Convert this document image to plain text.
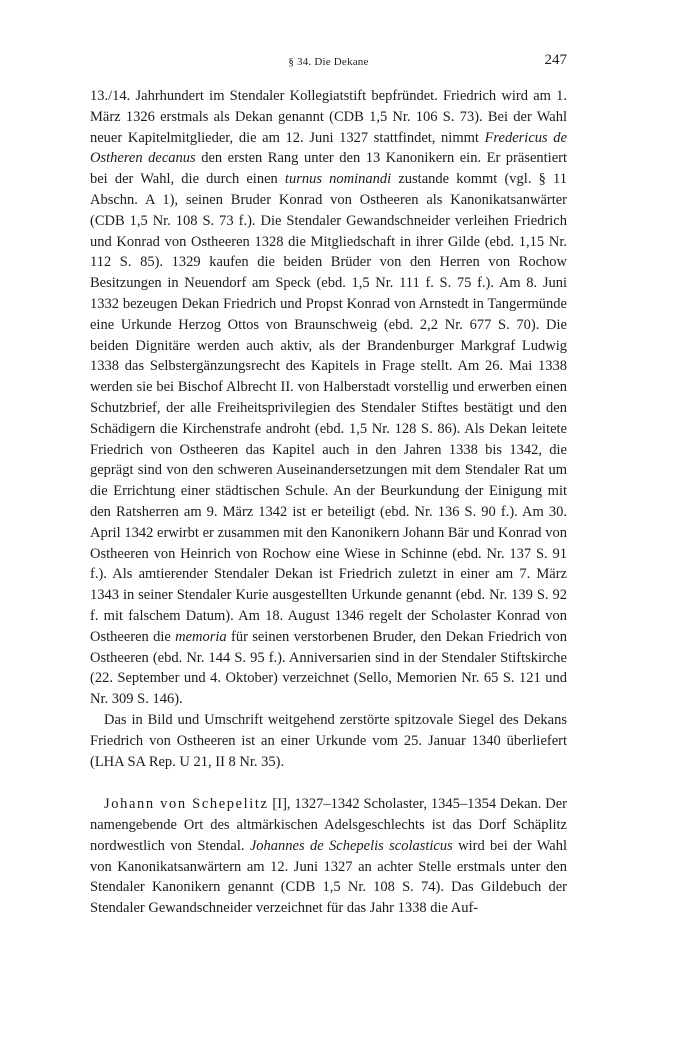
§ 34. Die Dekane	247

13./14. Jahrhundert im Stendaler Kollegiatstift bepfründet. Friedrich wird am 1. März 1326 erstmals als Dekan genannt (CDB 1,5 Nr. 106 S. 73). Bei der Wahl neuer Kapitelmitglieder, die am 12. Juni 1327 stattfindet, nimmt Fredericus de Ostheren decanus den ersten Rang unter den 13 Kanonikern ein. Er präsentiert bei der Wahl, die durch einen turnus nominandi zustande kommt (vgl. § 11 Abschn. A 1), seinen Bruder Konrad von Ostheeren als Kanonikatsanwärter (CDB 1,5 Nr. 108 S. 73 f.). Die Stendaler Gewandschneider verleihen Friedrich und Konrad von Ostheeren 1328 die Mitgliedschaft in ihrer Gilde (ebd. 1,15 Nr. 112 S. 85). 1329 kaufen die beiden Brüder von den Herren von Rochow Besitzungen in Neuendorf am Speck (ebd. 1,5 Nr. 111 f. S. 75 f.). Am 8. Juni 1332 bezeugen Dekan Friedrich und Propst Konrad von Arnstedt in Tangermünde eine Urkunde Herzog Ottos von Braunschweig (ebd. 2,2 Nr. 677 S. 70). Die beiden Dignitäre werden auch aktiv, als der Brandenburger Markgraf Ludwig 1338 das Selbstergänzungsrecht des Kapitels in Frage stellt. Am 26. Mai 1338 werden sie bei Bischof Albrecht II. von Halberstadt vorstellig und erwerben einen Schutzbrief, der alle Freiheitsprivilegien des Stendaler Stiftes bestätigt und den Schädigern die Kirchenstrafe androht (ebd. 1,5 Nr. 128 S. 86). Als Dekan leitete Friedrich von Ostheeren das Kapitel auch in den Jahren 1338 bis 1342, die geprägt sind von den schweren Auseinandersetzungen mit dem Stendaler Rat um die Errichtung einer städtischen Schule. An der Beurkundung der Einigung mit den Ratsherren am 9. März 1342 ist er beteiligt (ebd. Nr. 136 S. 90 f.). Am 30. April 1342 erwirbt er zusammen mit den Kanonikern Johann Bär und Konrad von Ostheeren von Heinrich von Rochow eine Wiese in Schinne (ebd. Nr. 137 S. 91 f.). Als amtierender Stendaler Dekan ist Friedrich zuletzt in einer am 7. März 1343 in seiner Stendaler Kurie ausgestellten Urkunde genannt (ebd. Nr. 139 S. 92 f. mit falschem Datum). Am 18. August 1346 regelt der Scholaster Konrad von Ostheeren die memoria für seinen verstorbenen Bruder, den Dekan Friedrich von Ostheeren (ebd. Nr. 144 S. 95 f.). Anniversarien sind in der Stendaler Stiftskirche (22. September und 4. Oktober) verzeichnet (Sello, Memorien Nr. 65 S. 121 und Nr. 309 S. 146).

Das in Bild und Umschrift weitgehend zerstörte spitzovale Siegel des Dekans Friedrich von Ostheeren ist an einer Urkunde vom 25. Januar 1340 überliefert (LHA SA Rep. U 21, II 8 Nr. 35).

Johann von Schepelitz [I], 1327–1342 Scholaster, 1345–1354 Dekan. Der namengebende Ort des altmärkischen Adelsgeschlechts ist das Dorf Schäplitz nordwestlich von Stendal. Johannes de Schepelis scolasticus wird bei der Wahl von Kanonikatsanwärtern am 12. Juni 1327 an achter Stelle erstmals unter den Stendaler Kanonikern genannt (CDB 1,5 Nr. 108 S. 74). Das Gildebuch der Stendaler Gewandschneider verzeichnet für das Jahr 1338 die Auf-
